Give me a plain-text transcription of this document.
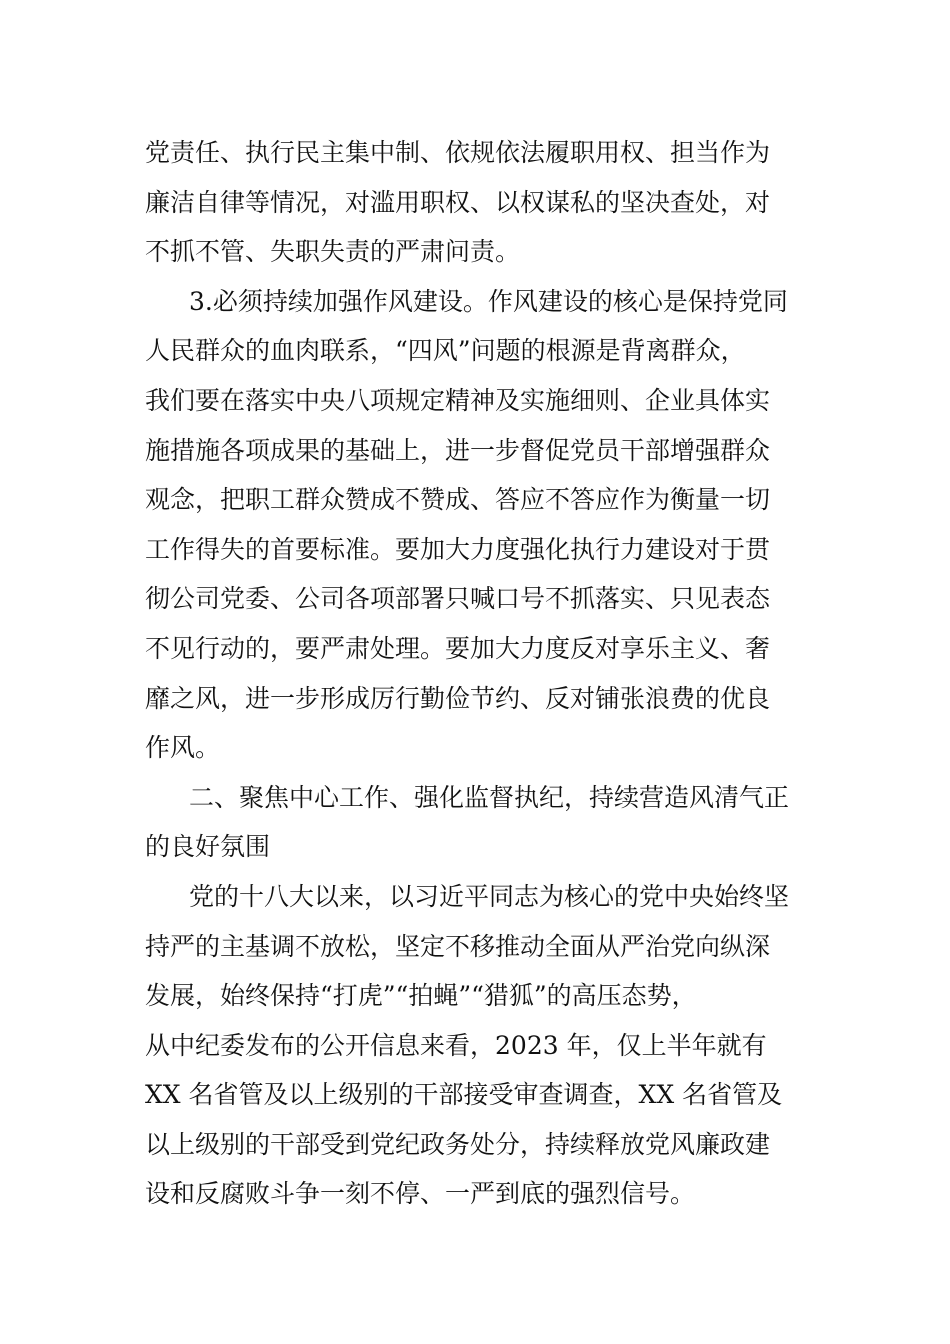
党责任、执行民主集中制、依规依法履职用权、担当作为
廉洁自律等情况，对滥用职权、以权谋私的坚决查处，对
不抓不管、失职失责的严肃问责。
3.必须持续加强作风建设。作风建设的核心是保持党同
人民群众的血肉联系，“四风”问题的根源是背离群众，
我们要在落实中央八项规定精神及实施细则、企业具体实
施措施各项成果的基础上，进一步督促党员干部增强群众
观念，把职工群众赞成不赞成、答应不答应作为衡量一切
工作得失的首要标准。要加大力度强化执行力建设对于贯
彻公司党委、公司各项部署只喊口号不抓落实、只见表态
不见行动的，要严肃处理。要加大力度反对享乐主义、奢
靡之风，进一步形成厉行勤俭节约、反对铺张浪费的优良
作风。
二、聚焦中心工作、强化监督执纪，持续营造风清气正
的良好氛围
党的十八大以来，以习近平同志为核心的党中央始终坚
持严的主基调不放松，坚定不移推动全面从严治党向纵深
发展，始终保持“打虎”“拍蝇”“猎狐”的高压态势，
从中纪委发布的公开信息来看，2023 年，仅上半年就有
XX 名省管及以上级别的干部接受审查调查，XX 名省管及
以上级别的干部受到党纪政务处分，持续释放党风廉政建
设和反腐败斗争一刻不停、一严到底的强烈信号。
